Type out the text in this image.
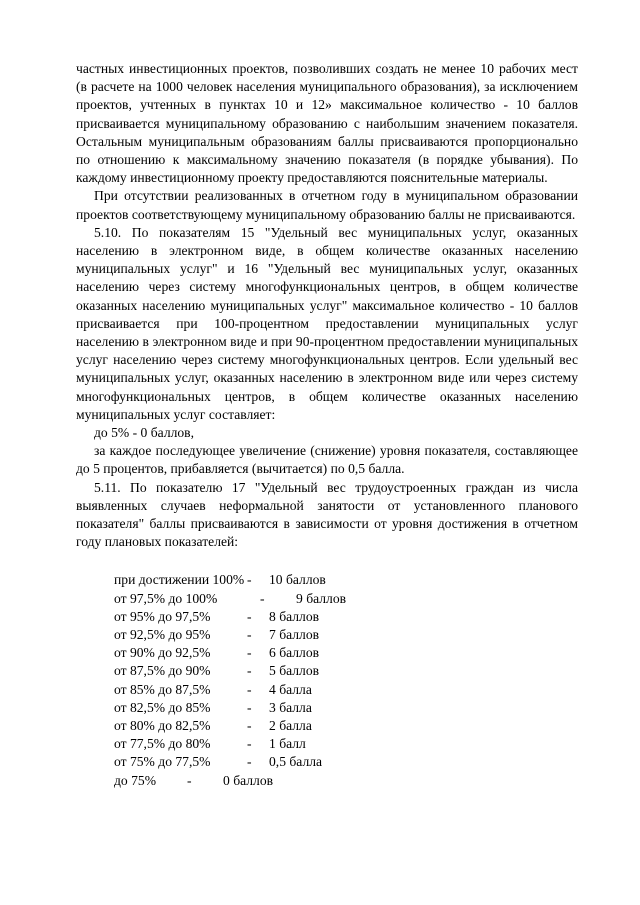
частных инвестиционных проектов, позволивших создать не менее 10 рабочих мест (в расчете на 1000 человек населения муниципального образования), за исключением проектов, учтенных в пунктах 10 и 12» максимальное количество - 10 баллов присваивается муниципальному образованию с наибольшим значением показателя. Остальным муниципальным образованиям баллы присваиваются пропорционально по отношению к максимальному значению показателя (в порядке убывания). По каждому инвестиционному проекту предоставляются пояснительные материалы.

При отсутствии реализованных в отчетном году в муниципальном образовании проектов соответствующему муниципальному образованию баллы не присваиваются.

5.10. По показателям 15 "Удельный вес муниципальных услуг, оказанных населению в электронном виде, в общем количестве оказанных населению муниципальных услуг" и 16 "Удельный вес муниципальных услуг, оказанных населению через систему многофункциональных центров, в общем количестве оказанных населению муниципальных услуг" максимальное количество - 10 баллов присваивается при 100-процентном предоставлении муниципальных услуг населению в электронном виде и при 90-процентном предоставлении муниципальных услуг населению через систему многофункциональных центров. Если удельный вес муниципальных услуг, оказанных населению в электронном виде или через систему многофункциональных центров, в общем количестве оказанных населению муниципальных услуг составляет:

до 5% - 0 баллов,

за каждое последующее увеличение (снижение) уровня показателя, составляющее до 5 процентов, прибавляется (вычитается) по 0,5 балла.

5.11. По показателю 17 "Удельный вес трудоустроенных граждан из числа выявленных случаев неформальной занятости от установленного планового показателя" баллы присваиваются в зависимости от уровня достижения в отчетном году плановых показателей:

при достижении 100% -	10 баллов
от 97,5% до 100%	-	9 баллов
от 95% до 97,5%	-	8 баллов
от 92,5% до 95%	-	7 баллов
от 90% до 92,5%	-	6 баллов
от 87,5% до 90%	-	5 баллов
от 85% до 87,5%	-	4 балла
от 82,5% до 85%	-	3 балла
от 80% до 82,5%	-	2 балла
от 77,5% до 80%	-	1 балл
от 75% до 77,5%	-	0,5 балла
до 75%	-	0 баллов
